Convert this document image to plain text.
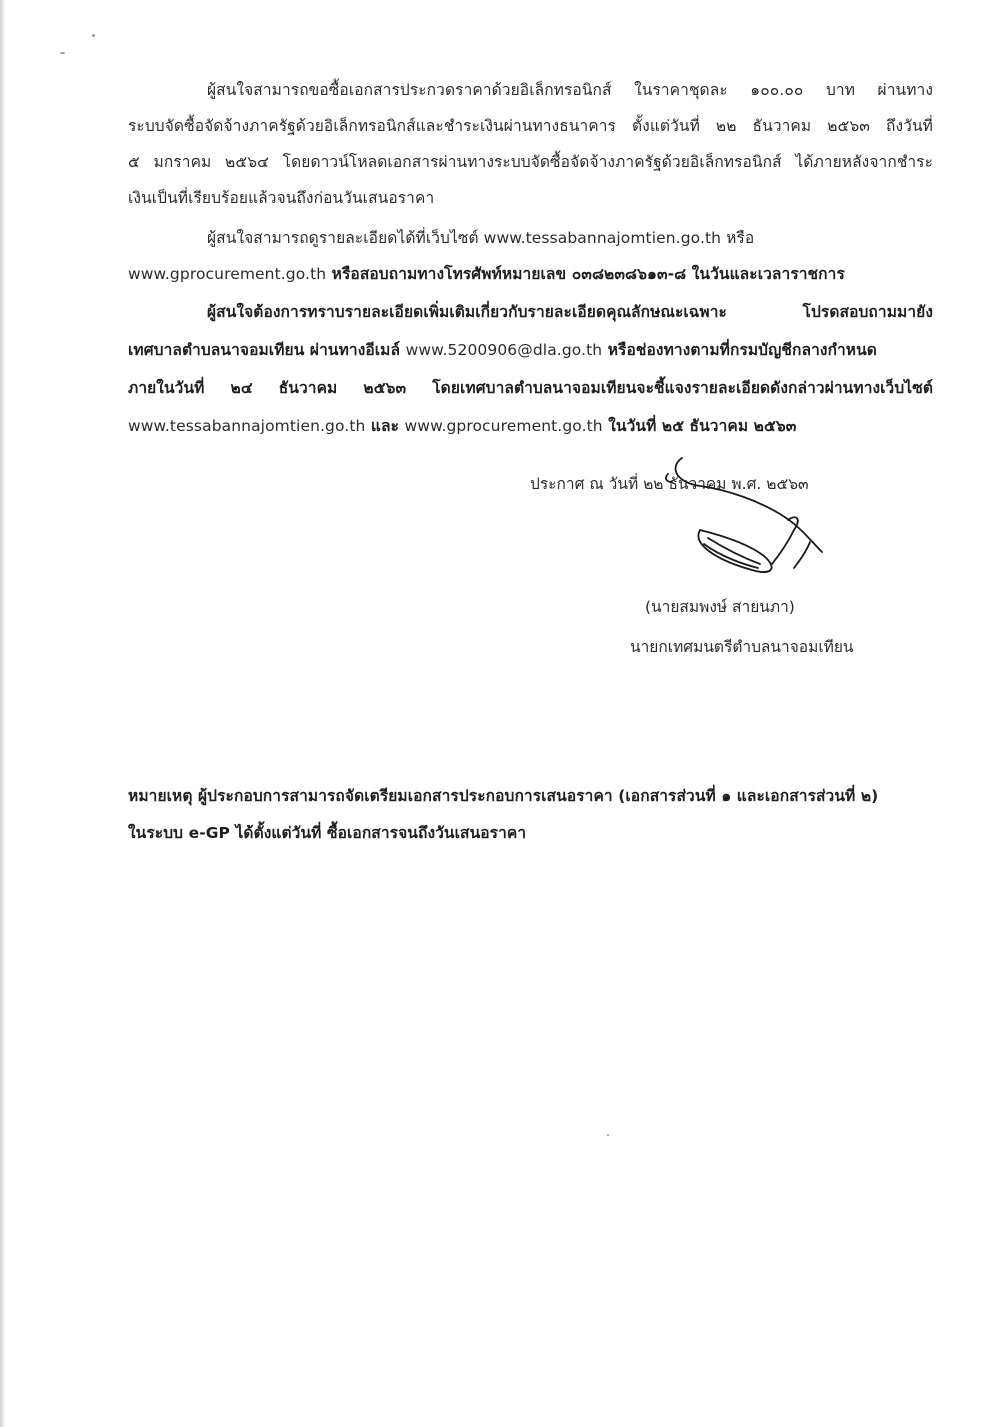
ผู้สนใจสามารถขอซื้อเอกสารประกวดราคาด้วยอิเล็กทรอนิกส์ ในราคาชุดละ ๑๐๐.๐๐ บาท ผ่านทาง
ระบบจัดซื้อจัดจ้างภาครัฐด้วยอิเล็กทรอนิกส์และชำระเงินผ่านทางธนาคาร ตั้งแต่วันที่ ๒๒ ธันวาคม ๒๕๖๓ ถึงวันที่
๕ มกราคม ๒๕๖๔ โดยดาวน์โหลดเอกสารผ่านทางระบบจัดซื้อจัดจ้างภาครัฐด้วยอิเล็กทรอนิกส์ ได้ภายหลังจากชำระ
เงินเป็นที่เรียบร้อยแล้วจนถึงก่อนวันเสนอราคา
ผู้สนใจสามารถดูรายละเอียดได้ที่เว็บไซต์ www.tessabannajomtien.go.th หรือ
www.gprocurement.go.th หรือสอบถามทางโทรศัพท์หมายเลข ๐๓๘๒๓๘๖๑๓-๘ ในวันและเวลาราชการ
ผู้สนใจต้องการทราบรายละเอียดเพิ่มเติมเกี่ยวกับรายละเอียดคุณลักษณะเฉพาะ โปรดสอบถามมายัง
เทศบาลตำบลนาจอมเทียน ผ่านทางอีเมล์ www.5200906@dla.go.th หรือช่องทางตามที่กรมบัญชีกลางกำหนด
ภายในวันที่ ๒๔ ธันวาคม ๒๕๖๓ โดยเทศบาลตำบลนาจอมเทียนจะชี้แจงรายละเอียดดังกล่าวผ่านทางเว็บไซต์
www.tessabannajomtien.go.th และ www.gprocurement.go.th ในวันที่ ๒๕ ธันวาคม ๒๕๖๓
ประกาศ ณ วันที่ ๒๒ ธันวาคม พ.ศ. ๒๕๖๓
(นายสมพงษ์ สายนภา)
นายกเทศมนตรีตำบลนาจอมเทียน
หมายเหตุ ผู้ประกอบการสามารถจัดเตรียมเอกสารประกอบการเสนอราคา (เอกสารส่วนที่ ๑ และเอกสารส่วนที่ ๒)
ในระบบ e-GP ได้ตั้งแต่วันที่ ซื้อเอกสารจนถึงวันเสนอราคา
